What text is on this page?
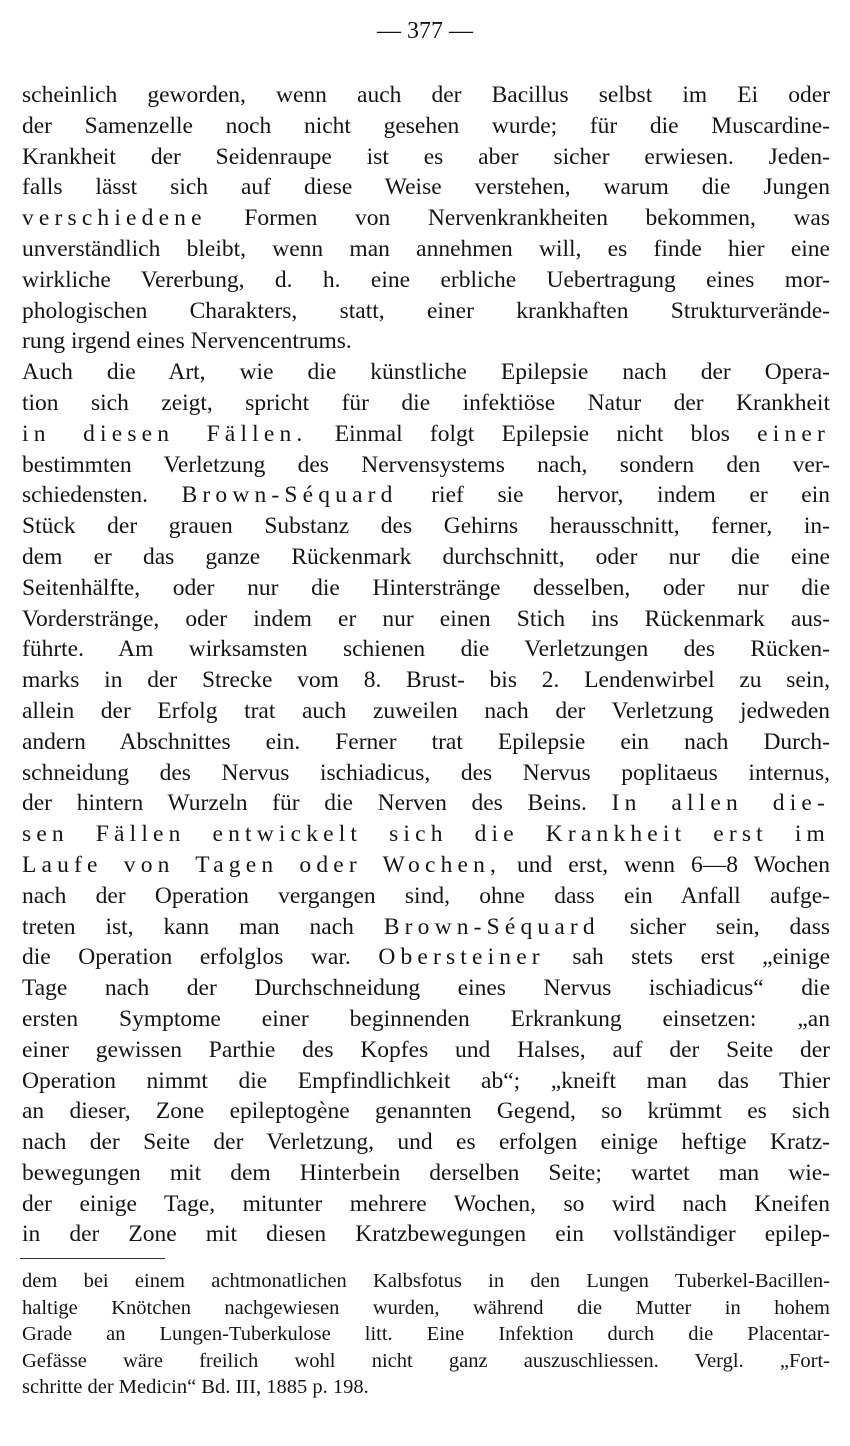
— 377 —

scheinlich geworden, wenn auch der Bacillus selbst im Ei oder
der Samenzelle noch nicht gesehen wurde; für die Muscardine-
Krankheit der Seidenraupe ist es aber sicher erwiesen. Jeden-
falls lässt sich auf diese Weise verstehen, warum die Jungen
verschiedene Formen von Nervenkrankheiten bekommen, was
unverständlich bleibt, wenn man annehmen will, es finde hier eine
wirkliche Vererbung, d. h. eine erbliche Uebertragung eines mor-
phologischen Charakters, statt, einer krankhaften Strukturverände-
rung irgend eines Nervencentrums.
Auch die Art, wie die künstliche Epilepsie nach der Opera-
tion sich zeigt, spricht für die infektiöse Natur der Krankheit
in diesen Fällen. Einmal folgt Epilepsie nicht blos einer
bestimmten Verletzung des Nervensystems nach, sondern den ver-
schiedensten. Brown-Séquard rief sie hervor, indem er ein
Stück der grauen Substanz des Gehirns herausschnitt, ferner, in-
dem er das ganze Rückenmark durchschnitt, oder nur die eine
Seitenhälfte, oder nur die Hinterstränge desselben, oder nur die
Vorderstränge, oder indem er nur einen Stich ins Rückenmark aus-
führte. Am wirksamsten schienen die Verletzungen des Rücken-
marks in der Strecke vom 8. Brust- bis 2. Lendenwirbel zu sein,
allein der Erfolg trat auch zuweilen nach der Verletzung jedweden
andern Abschnittes ein. Ferner trat Epilepsie ein nach Durch-
schneidung des Nervus ischiadicus, des Nervus poplitaeus internus,
der hintern Wurzeln für die Nerven des Beins. In allen die-
sen Fällen entwickelt sich die Krankheit erst im
Laufe von Tagen oder Wochen, und erst, wenn 6—8 Wochen
nach der Operation vergangen sind, ohne dass ein Anfall aufge-
treten ist, kann man nach Brown-Séquard sicher sein, dass
die Operation erfolglos war. Obersteiner sah stets erst „einige
Tage nach der Durchschneidung eines Nervus ischiadicus“ die
ersten Symptome einer beginnenden Erkrankung einsetzen: „an
einer gewissen Parthie des Kopfes und Halses, auf der Seite der
Operation nimmt die Empfindlichkeit ab“; „kneift man das Thier
an dieser, Zone epileptogène genannten Gegend, so krümmt es sich
nach der Seite der Verletzung, und es erfolgen einige heftige Kratz-
bewegungen mit dem Hinterbein derselben Seite; wartet man wie-
der einige Tage, mitunter mehrere Wochen, so wird nach Kneifen
in der Zone mit diesen Kratzbewegungen ein vollständiger epilep-
dem bei einem achtmonatlichen Kalbsfotus in den Lungen Tuberkel-Bacillen-
haltige Knötchen nachgewiesen wurden, während die Mutter in hohem
Grade an Lungen-Tuberkulose litt. Eine Infektion durch die Placentar-
Gefässe wäre freilich wohl nicht ganz auszuschliessen. Vergl. „Fort-
schritte der Medicin“ Bd. III, 1885 p. 198.
